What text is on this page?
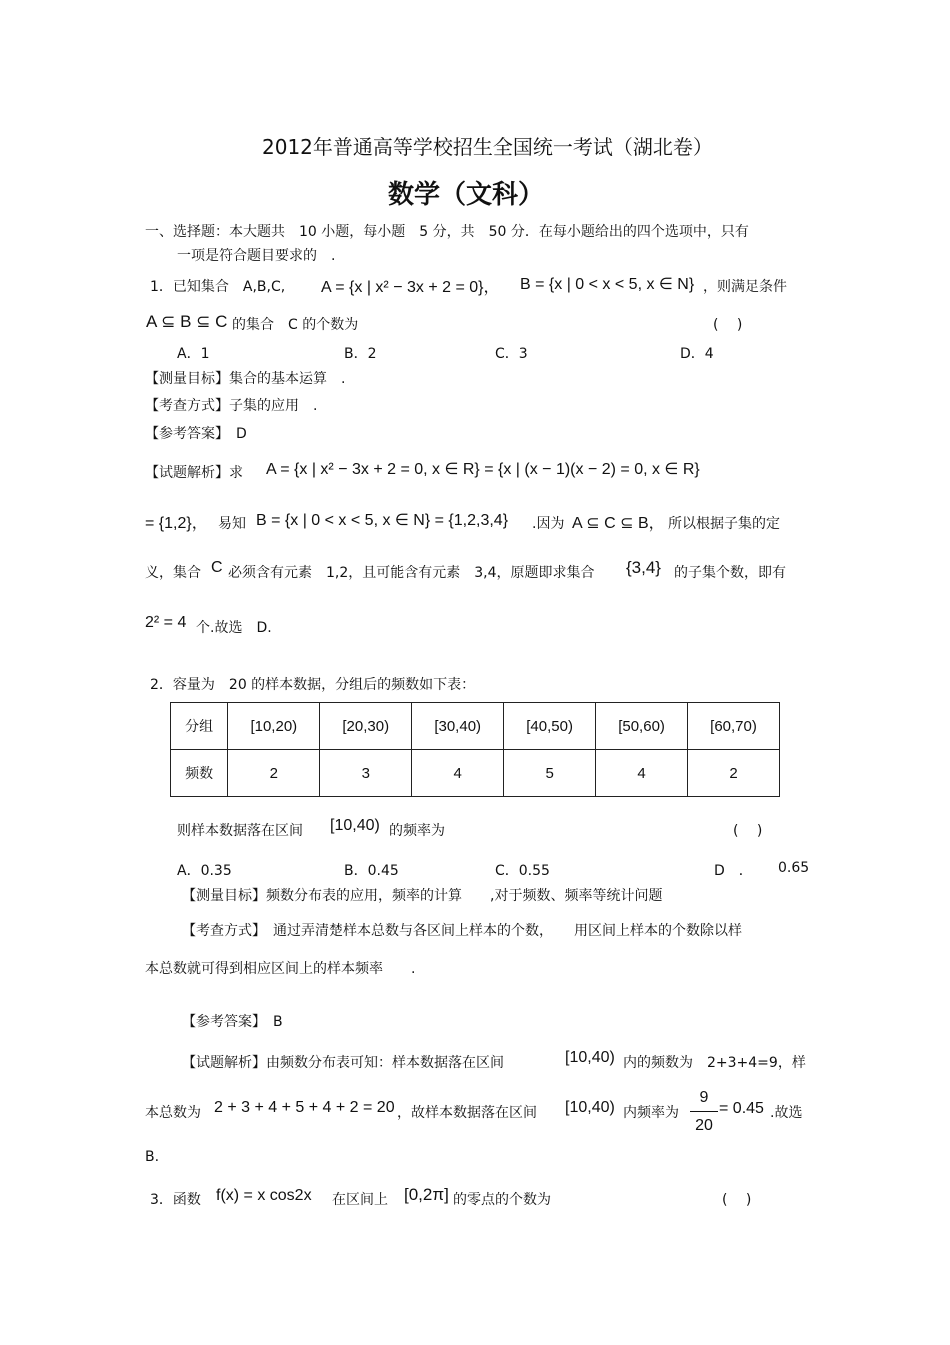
2012年普通高等学校招生全国统一考试（湖北卷）
数学（文科）
一、选择题：本大题共　10 小题，每小题　5 分，共　50 分．在每小题给出的四个选项中，只有
一项是符合题目要求的　.
1．已知集合　A,B,C, A = {x | x² − 3x + 2 = 0}， B = {x | 0 < x < 5, x ∈ N} ，则满足条件
A ⊆ B ⊆ C 的集合　C 的个数为	(　 )
A．1	B．2	C．3	D．4
【测量目标】集合的基本运算　.
【考查方式】子集的应用　.
【参考答案】　D
【试题解析】求 A = {x | x² − 3x + 2 = 0, x ∈ R} = {x | (x − 1)(x − 2) = 0, x ∈ R}
= {1,2}， 易知 B = {x | 0 < x < 5, x ∈ N} = {1,2,3,4} .因为 A ⊆ C ⊆ B， 所以根据子集的定
义，集合 C 必须含有元素　1,2，且可能含有元素　3,4，原题即求集合 {3,4} 的子集个数，即有
2² = 4 个.故选　D.
2．容量为　20 的样本数据，分组后的频数如下表：
分组	[10,20)	[20,30)	[30,40)	[40,50)	[50,60)	[60,70)
频数	2	3	4	5	4	2
则样本数据落在区间 [10,40) 的频率为	(　 )
A．0.35	B．0.45	C．0.55	D　． 0.65
【测量目标】频数分布表的应用，频率的计算　　,对于频数、频率等统计问题
【考查方式】　通过弄清楚样本总数与各区间上样本的个数，　　用区间上样本的个数除以样
本总数就可得到相应区间上的样本频率　　.
【参考答案】　B
【试题解析】由频数分布表可知：样本数据落在区间	[10,40) 内的频数为　2+3+4=9，样
本总数为 2 + 3 + 4 + 5 + 4 + 2 = 20 ，故样本数据落在区间 [10,40) 内频率为
9
20
= 0.45 .故选
B.
3．函数 f(x) = x cos2x 在区间上 [0,2π] 的零点的个数为	(　 )
